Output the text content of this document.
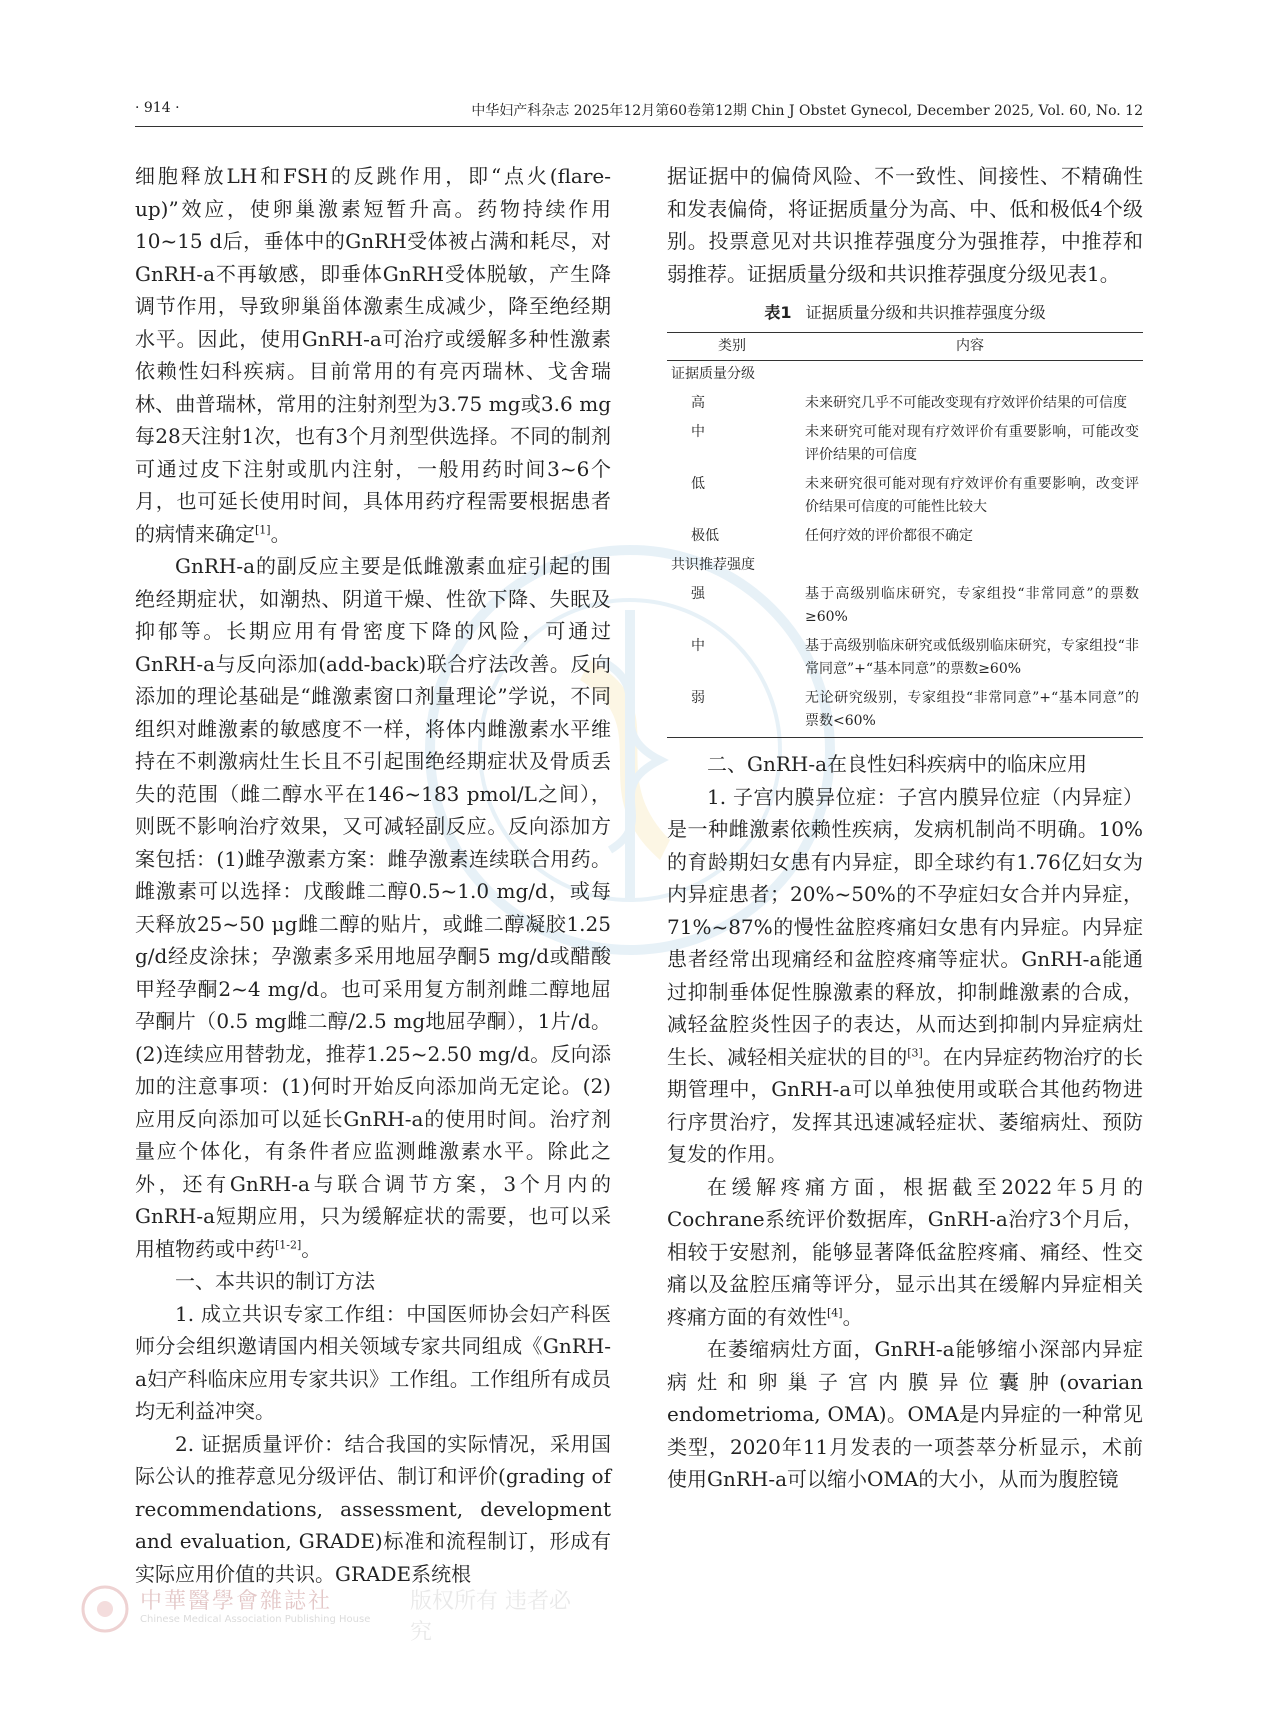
· 914 ·	中华妇产科杂志 2025年12月第60卷第12期 Chin J Obstet Gynecol, December 2025, Vol. 60, No. 12

细胞释放LH和FSH的反跳作用，即“点火(flare-up)”效应，使卵巢激素短暂升高。药物持续作用10~15 d后，垂体中的GnRH受体被占满和耗尽，对GnRH-a不再敏感，即垂体GnRH受体脱敏，产生降调节作用，导致卵巢甾体激素生成减少，降至绝经期水平。因此，使用GnRH-a可治疗或缓解多种性激素依赖性妇科疾病。目前常用的有亮丙瑞林、戈舍瑞林、曲普瑞林，常用的注射剂型为3.75 mg或3.6 mg每28天注射1次，也有3个月剂型供选择。不同的制剂可通过皮下注射或肌内注射，一般用药时间3~6个月，也可延长使用时间，具体用药疗程需要根据患者的病情来确定[1]。

GnRH-a的副反应主要是低雌激素血症引起的围绝经期症状，如潮热、阴道干燥、性欲下降、失眠及抑郁等。长期应用有骨密度下降的风险，可通过GnRH-a与反向添加(add-back)联合疗法改善。反向添加的理论基础是“雌激素窗口剂量理论”学说，不同组织对雌激素的敏感度不一样，将体内雌激素水平维持在不刺激病灶生长且不引起围绝经期症状及骨质丢失的范围（雌二醇水平在146~183 pmol/L之间），则既不影响治疗效果，又可减轻副反应。反向添加方案包括：(1)雌孕激素方案：雌孕激素连续联合用药。雌激素可以选择：戊酸雌二醇0.5~1.0 mg/d，或每天释放25~50 μg雌二醇的贴片，或雌二醇凝胶1.25 g/d经皮涂抹；孕激素多采用地屈孕酮5 mg/d或醋酸甲羟孕酮2~4 mg/d。也可采用复方制剂雌二醇地屈孕酮片（0.5 mg雌二醇/2.5 mg地屈孕酮），1片/d。(2)连续应用替勃龙，推荐1.25~2.50 mg/d。反向添加的注意事项：(1)何时开始反向添加尚无定论。(2)应用反向添加可以延长GnRH-a的使用时间。治疗剂量应个体化，有条件者应监测雌激素水平。除此之外，还有GnRH-a与联合调节方案，3个月内的GnRH-a短期应用，只为缓解症状的需要，也可以采用植物药或中药[1-2]。

一、本共识的制订方法

1. 成立共识专家工作组：中国医师协会妇产科医师分会组织邀请国内相关领域专家共同组成《GnRH-a妇产科临床应用专家共识》工作组。工作组所有成员均无利益冲突。

2. 证据质量评价：结合我国的实际情况，采用国际公认的推荐意见分级评估、制订和评价(grading of recommendations, assessment, development and evaluation, GRADE)标准和流程制订，形成有实际应用价值的共识。GRADE系统根

据证据中的偏倚风险、不一致性、间接性、不精确性和发表偏倚，将证据质量分为高、中、低和极低4个级别。投票意见对共识推荐强度分为强推荐，中推荐和弱推荐。证据质量分级和共识推荐强度分级见表1。

表1 证据质量分级和共识推荐强度分级
类别	内容
证据质量分级	
高	未来研究几乎不可能改变现有疗效评价结果的可信度
中	未来研究可能对现有疗效评价有重要影响，可能改变评价结果的可信度
低	未来研究很可能对现有疗效评价有重要影响，改变评价结果可信度的可能性比较大
极低	任何疗效的评价都很不确定
共识推荐强度	
强	基于高级别临床研究，专家组投“非常同意”的票数≥60%
中	基于高级别临床研究或低级别临床研究，专家组投“非常同意”+“基本同意”的票数≥60%
弱	无论研究级别，专家组投“非常同意”+“基本同意”的票数<60%

二、GnRH-a在良性妇科疾病中的临床应用

1. 子宫内膜异位症：子宫内膜异位症（内异症）是一种雌激素依赖性疾病，发病机制尚不明确。10%的育龄期妇女患有内异症，即全球约有1.76亿妇女为内异症患者；20%~50%的不孕症妇女合并内异症，71%~87%的慢性盆腔疼痛妇女患有内异症。内异症患者经常出现痛经和盆腔疼痛等症状。GnRH-a能通过抑制垂体促性腺激素的释放，抑制雌激素的合成，减轻盆腔炎性因子的表达，从而达到抑制内异症病灶生长、减轻相关症状的目的[3]。在内异症药物治疗的长期管理中，GnRH-a可以单独使用或联合其他药物进行序贯治疗，发挥其迅速减轻症状、萎缩病灶、预防复发的作用。

在缓解疼痛方面，根据截至2022年5月的Cochrane系统评价数据库，GnRH-a治疗3个月后，相较于安慰剂，能够显著降低盆腔疼痛、痛经、性交痛以及盆腔压痛等评分，显示出其在缓解内异症相关疼痛方面的有效性[4]。

在萎缩病灶方面，GnRH-a能够缩小深部内异症病灶和卵巢子宫内膜异位囊肿(ovarian endometrioma, OMA)。OMA是内异症的一种常见类型，2020年11月发表的一项荟萃分析显示，术前使用GnRH-a可以缩小OMA的大小，从而为腹腔镜

中華醫學會雜誌社
Chinese Medical Association Publishing House
版权所有 违者必究
